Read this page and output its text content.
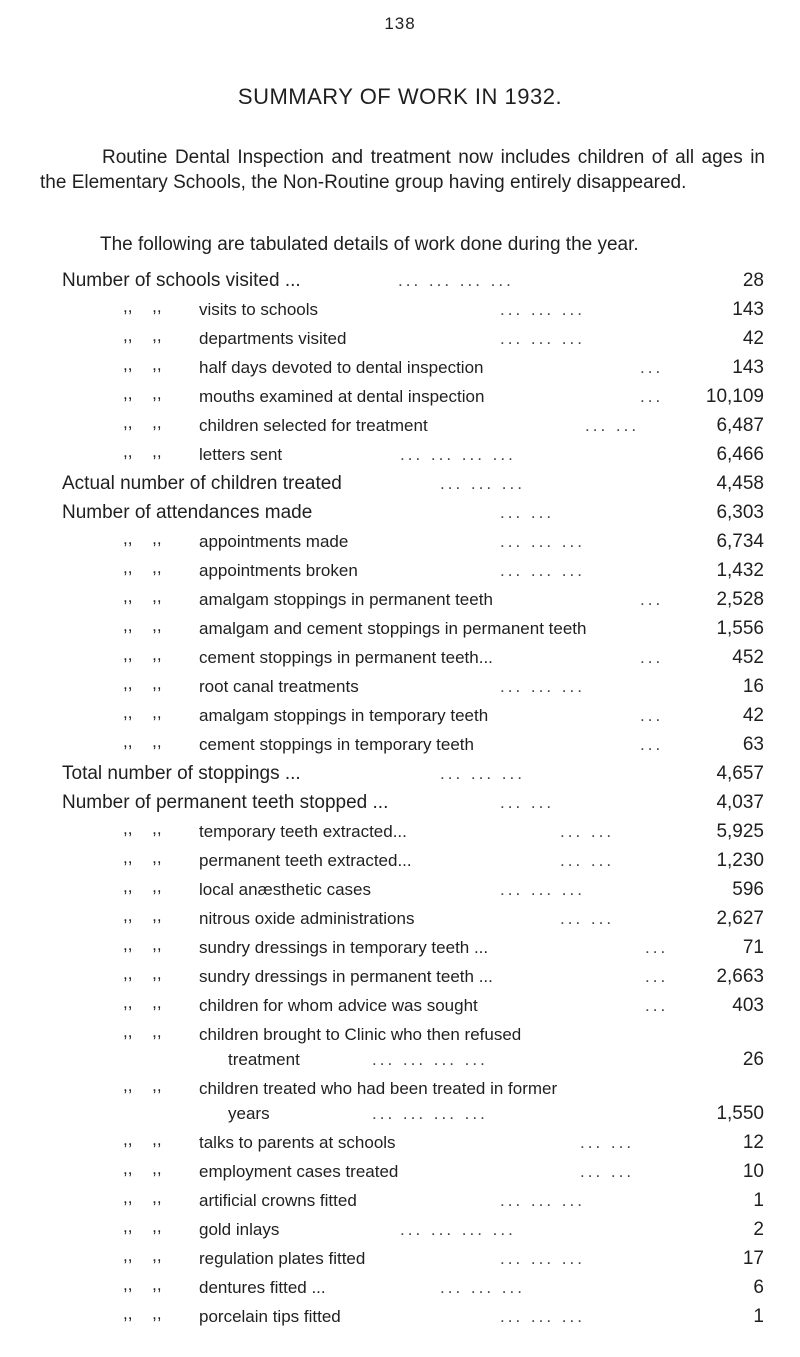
138
SUMMARY OF WORK IN 1932.
Routine Dental Inspection and treatment now includes children of all ages in the Elementary Schools, the Non-Routine group having entirely disappeared.
The following are tabulated details of work done during the year.
Number of schools visited ...	... ... ... ...	28
,, ,,	visits to schools	... ... ...	143
,, ,,	departments visited	... ... ...	42
,, ,,	half days devoted to dental inspection	...	143
,, ,,	mouths examined at dental inspection	... 10,109
,, ,,	children selected for treatment	... ...	6,487
,, ,,	letters sent	... ... ... ...	6,466
Actual number of children treated	... ... ...	4,458
Number of attendances made	... ...	6,303
,, ,,	appointments made	... ... ...	6,734
,, ,,	appointments broken	... ... ...	1,432
,, ,,	amalgam stoppings in permanent teeth	...	2,528
,, ,,	amalgam and cement stoppings in permanent teeth	1,556
,, ,,	cement stoppings in permanent teeth...	...	452
,, ,,	root canal treatments	... ... ...	16
,, ,,	amalgam stoppings in temporary teeth	...	42
,, ,,	cement stoppings in temporary teeth	...	63
Total number of stoppings ...	... ... ...	4,657
Number of permanent teeth stopped ...	... ...	4,037
,, ,,	temporary teeth extracted...	... ...	5,925
,, ,,	permanent teeth extracted...	... ...	1,230
,, ,,	local anæsthetic cases	... ... ...	596
,, ,,	nitrous oxide administrations	... ...	2,627
,, ,,	sundry dressings in temporary teeth ...	...	71
,, ,,	sundry dressings in permanent teeth ...	...	2,663
,, ,,	children for whom advice was sought	...	403
,, ,,	children brought to Clinic who then refused
treatment	... ... ... ...	26
,, ,,	children treated who had been treated in former
years	... ... ... ...	1,550
,, ,,	talks to parents at schools	... ...	12
,, ,,	employment cases treated	... ...	10
,, ,,	artificial crowns fitted	... ... ...	1
,, ,,	gold inlays	... ... ... ...	2
,, ,,	regulation plates fitted	... ... ...	17
,, ,,	dentures fitted ...	... ... ...	6
,, ,,	porcelain tips fitted	... ... ...	1
